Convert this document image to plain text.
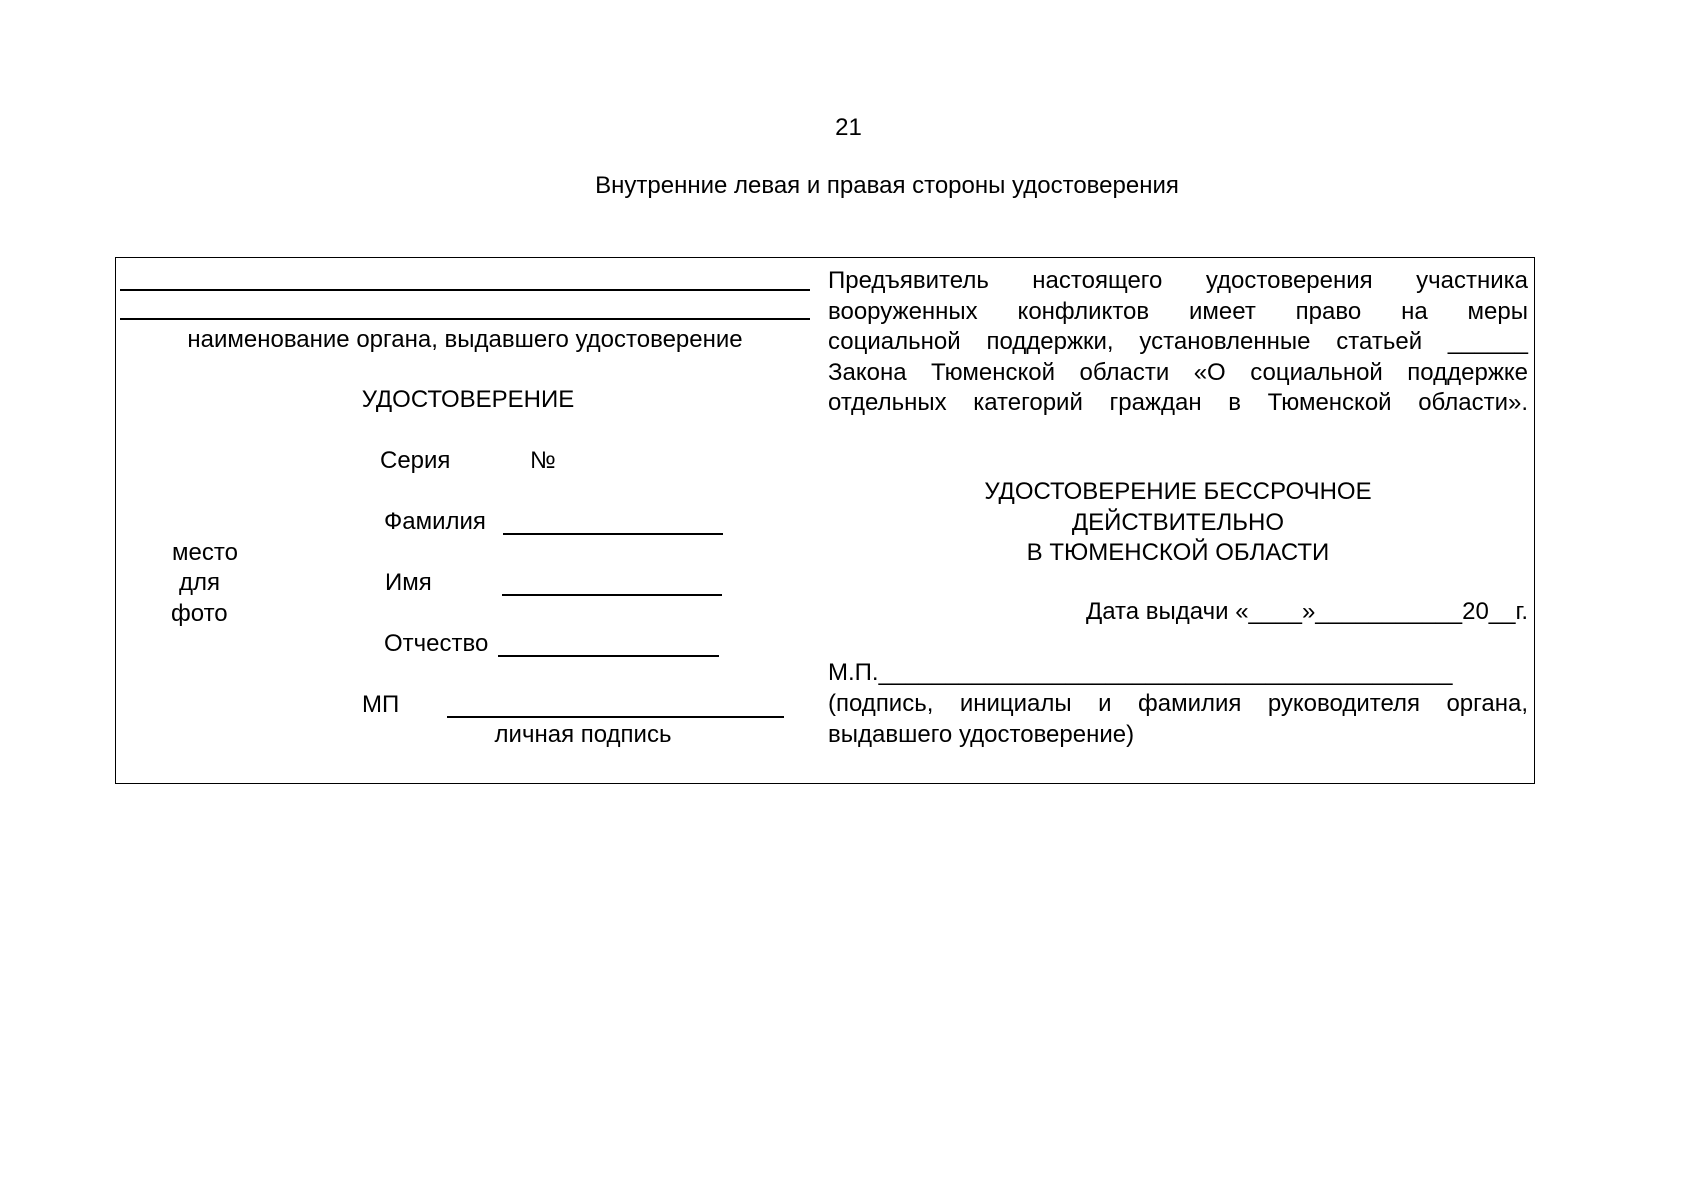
21
Внутренние левая и правая стороны удостоверения
наименование органа, выдавшего удостоверение
УДОСТОВЕРЕНИЕ
Серия	№
место
для
фото
Фамилия
Имя
Отчество
МП
личная подпись
Предъявитель настоящего удостоверения участника
вооруженных конфликтов имеет право на меры
социальной поддержки, установленные статьей ______
Закона Тюменской области «О социальной поддержке
отдельных категорий граждан в Тюменской области».
УДОСТОВЕРЕНИЕ БЕССРОЧНОЕ
ДЕЙСТВИТЕЛЬНО
В ТЮМЕНСКОЙ ОБЛАСТИ
Дата выдачи «____»___________20__г.
М.П.___________________________________________
(подпись, инициалы и фамилия руководителя органа,
выдавшего удостоверение)
